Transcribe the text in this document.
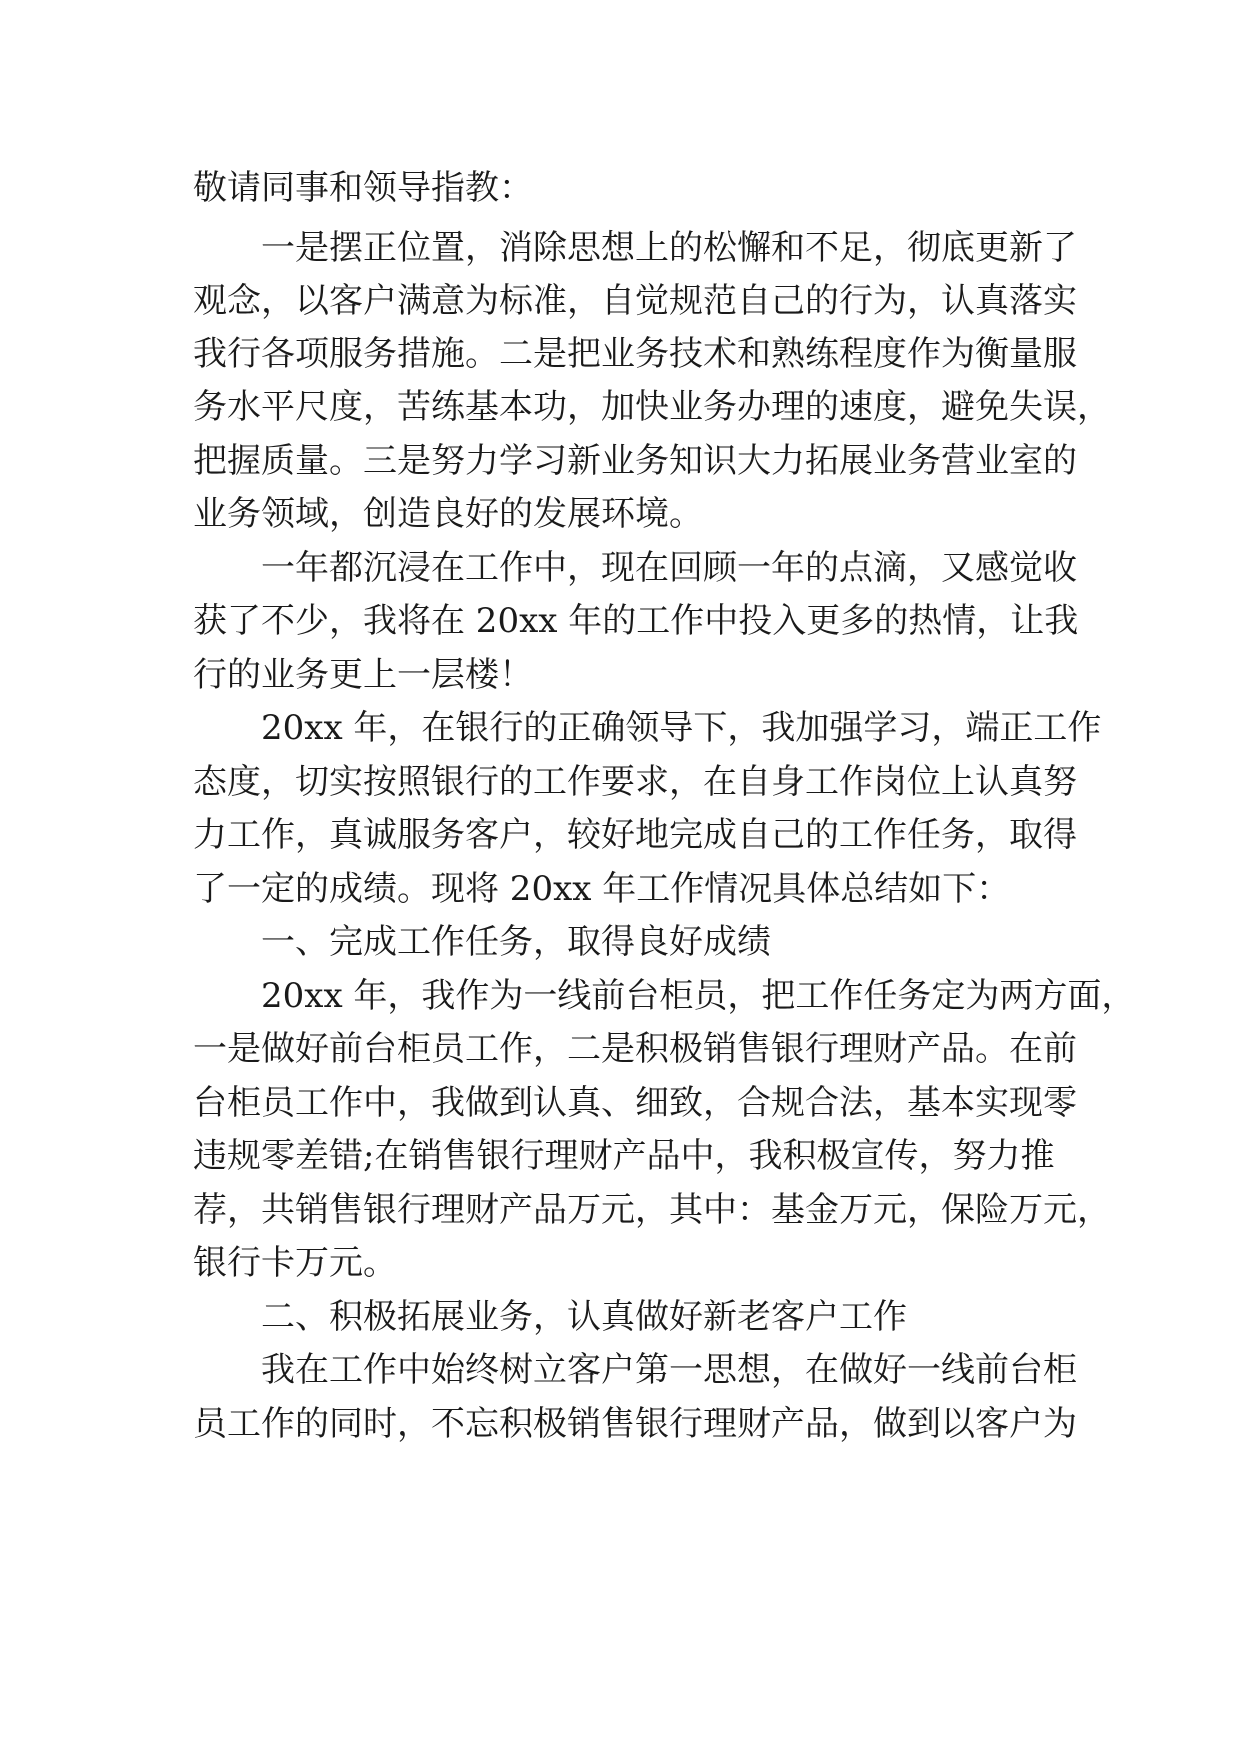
敬请同事和领导指教：
　　一是摆正位置，消除思想上的松懈和不足，彻底更新了
观念，以客户满意为标准，自觉规范自己的行为，认真落实
我行各项服务措施。二是把业务技术和熟练程度作为衡量服
务水平尺度，苦练基本功，加快业务办理的速度，避免失误，
把握质量。三是努力学习新业务知识大力拓展业务营业室的
业务领域，创造良好的发展环境。
　　一年都沉浸在工作中，现在回顾一年的点滴，又感觉收
获了不少，我将在 20xx 年的工作中投入更多的热情，让我
行的业务更上一层楼！
　　20xx 年，在银行的正确领导下，我加强学习，端正工作
态度，切实按照银行的工作要求，在自身工作岗位上认真努
力工作，真诚服务客户，较好地完成自己的工作任务，取得
了一定的成绩。现将 20xx 年工作情况具体总结如下：
　　一、完成工作任务，取得良好成绩
　　20xx 年，我作为一线前台柜员，把工作任务定为两方面，
一是做好前台柜员工作，二是积极销售银行理财产品。在前
台柜员工作中，我做到认真、细致，合规合法，基本实现零
违规零差错;在销售银行理财产品中，我积极宣传，努力推
荐，共销售银行理财产品万元，其中：基金万元，保险万元，
银行卡万元。
　　二、积极拓展业务，认真做好新老客户工作
　　我在工作中始终树立客户第一思想，在做好一线前台柜
员工作的同时，不忘积极销售银行理财产品，做到以客户为
